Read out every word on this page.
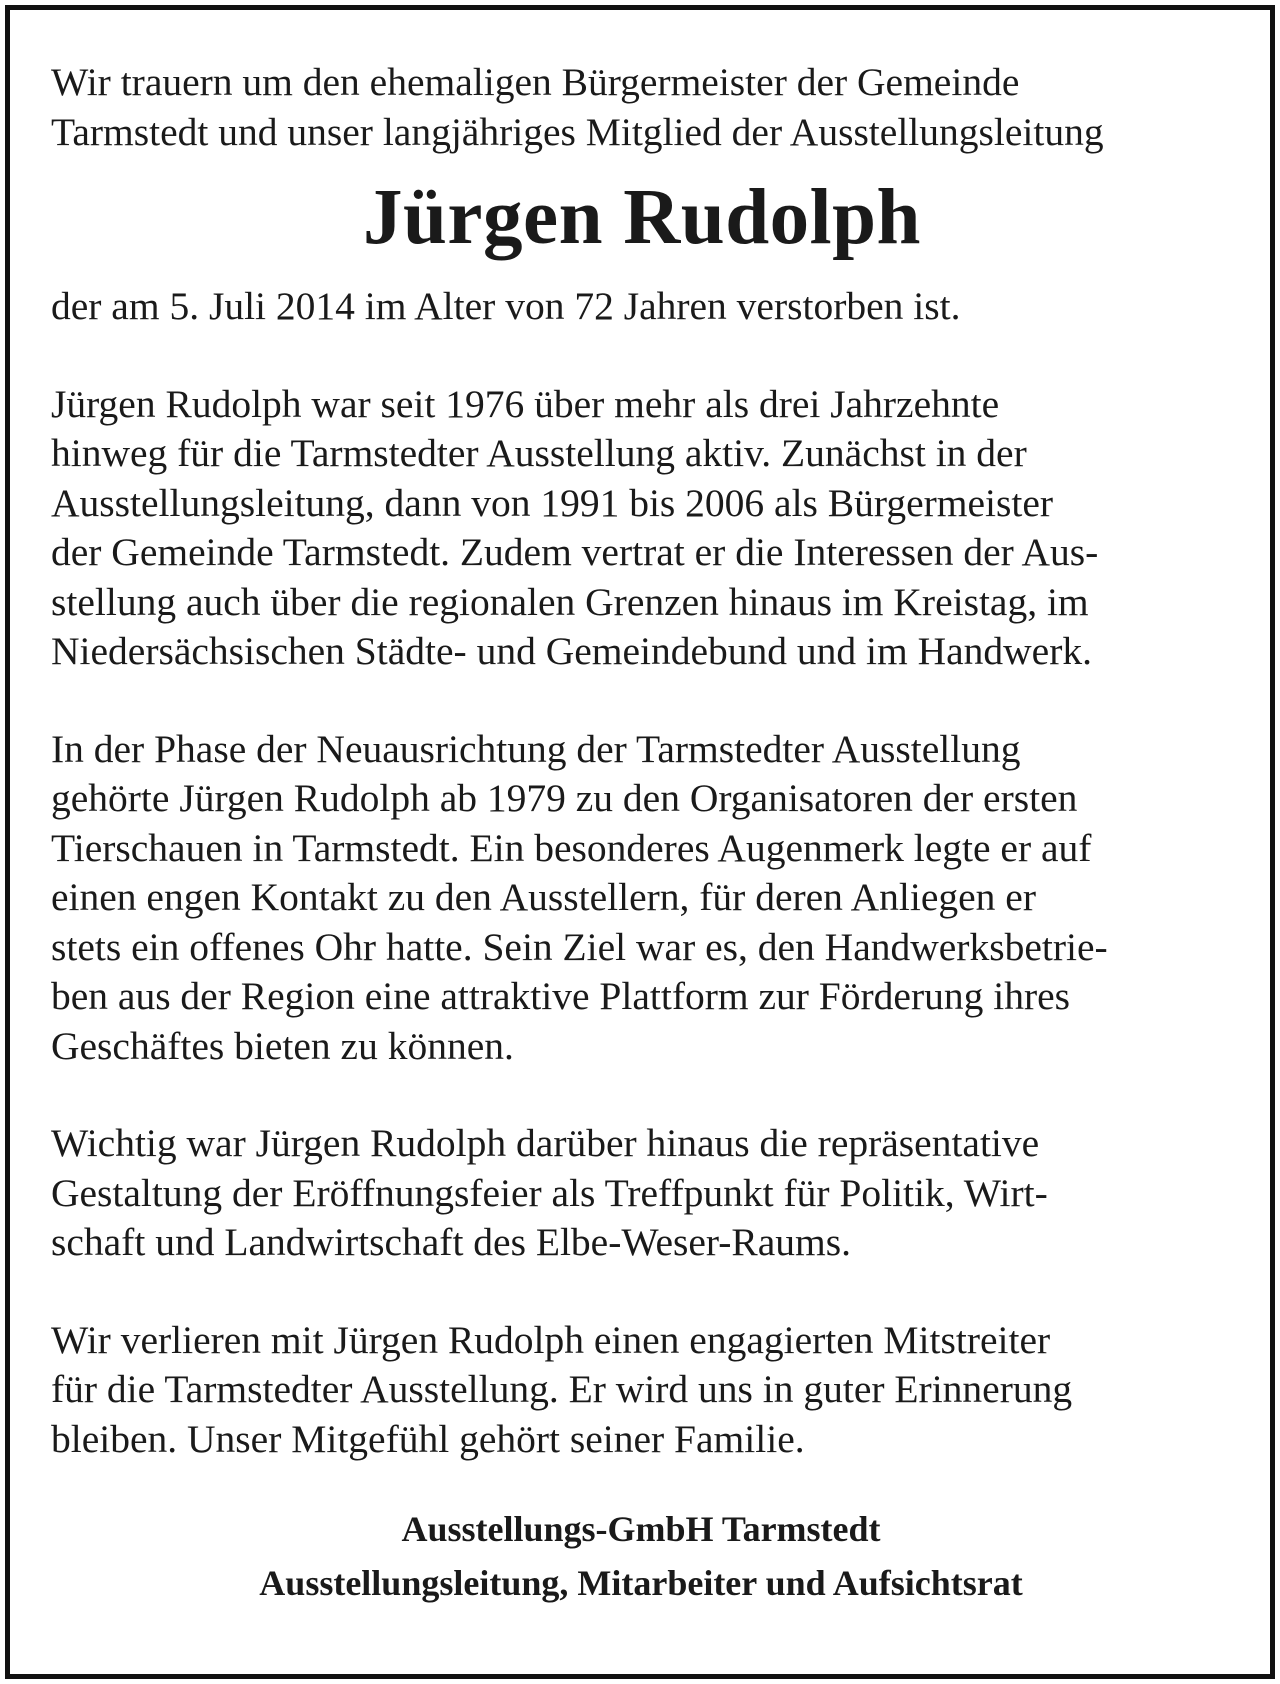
Wir trauern um den ehemaligen Bürgermeister der Gemeinde

Tarmstedt und unser langjähriges Mitglied der Ausstellungsleitung

Jürgen Rudolph

der am 5. Juli 2014 im Alter von 72 Jahren verstorben ist.

Jürgen Rudolph war seit 1976 über mehr als drei Jahrzehnte

hinweg für die Tarmstedter Ausstellung aktiv. Zunächst in der

Ausstellungsleitung, dann von 1991 bis 2006 als Bürgermeister

der Gemeinde Tarmstedt. Zudem vertrat er die Interessen der Aus-

stellung auch über die regionalen Grenzen hinaus im Kreistag, im

Niedersächsischen Städte- und Gemeindebund und im Handwerk.

In der Phase der Neuausrichtung der Tarmstedter Ausstellung

gehörte Jürgen Rudolph ab 1979 zu den Organisatoren der ersten

Tierschauen in Tarmstedt. Ein besonderes Augenmerk legte er auf

einen engen Kontakt zu den Ausstellern, für deren Anliegen er

stets ein offenes Ohr hatte. Sein Ziel war es, den Handwerksbetrie-

ben aus der Region eine attraktive Plattform zur Förderung ihres

Geschäftes bieten zu können.

Wichtig war Jürgen Rudolph darüber hinaus die repräsentative

Gestaltung der Eröffnungsfeier als Treffpunkt für Politik, Wirt-

schaft und Landwirtschaft des Elbe-Weser-Raums.

Wir verlieren mit Jürgen Rudolph einen engagierten Mitstreiter

für die Tarmstedter Ausstellung. Er wird uns in guter Erinnerung

bleiben. Unser Mitgefühl gehört seiner Familie.

Ausstellungs-GmbH Tarmstedt

Ausstellungsleitung, Mitarbeiter und Aufsichtsrat
